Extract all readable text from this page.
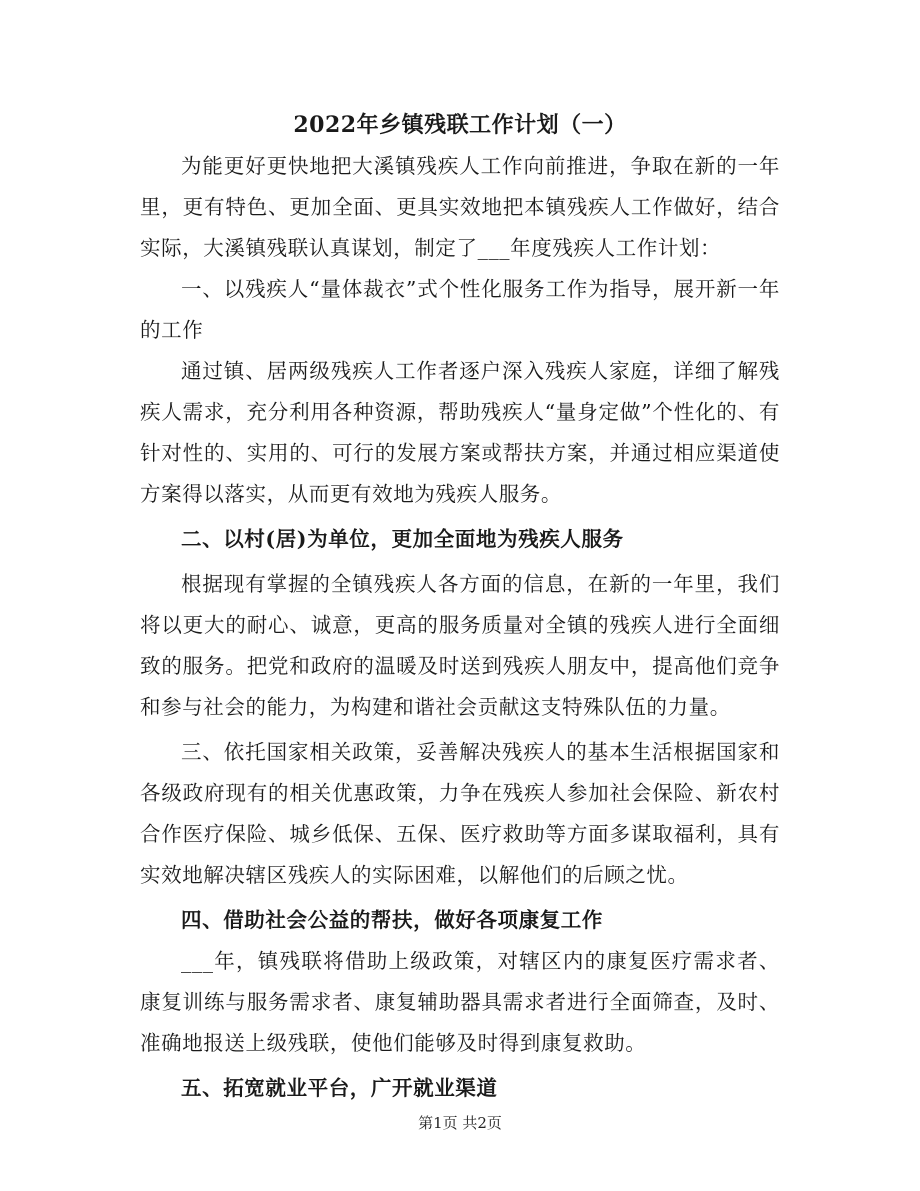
2022年乡镇残联工作计划（一）

为能更好更快地把大溪镇残疾人工作向前推进，争取在新的一年里，更有特色、更加全面、更具实效地把本镇残疾人工作做好，结合实际，大溪镇残联认真谋划，制定了___年度残疾人工作计划：

一、以残疾人“量体裁衣”式个性化服务工作为指导，展开新一年的工作

通过镇、居两级残疾人工作者逐户深入残疾人家庭，详细了解残疾人需求，充分利用各种资源，帮助残疾人“量身定做”个性化的、有针对性的、实用的、可行的发展方案或帮扶方案，并通过相应渠道使方案得以落实，从而更有效地为残疾人服务。

二、以村(居)为单位，更加全面地为残疾人服务

根据现有掌握的全镇残疾人各方面的信息，在新的一年里，我们将以更大的耐心、诚意，更高的服务质量对全镇的残疾人进行全面细致的服务。把党和政府的温暖及时送到残疾人朋友中，提高他们竞争和参与社会的能力，为构建和谐社会贡献这支特殊队伍的力量。

三、依托国家相关政策，妥善解决残疾人的基本生活根据国家和各级政府现有的相关优惠政策，力争在残疾人参加社会保险、新农村合作医疗保险、城乡低保、五保、医疗救助等方面多谋取福利，具有实效地解决辖区残疾人的实际困难，以解他们的后顾之忧。

四、借助社会公益的帮扶，做好各项康复工作

___年，镇残联将借助上级政策，对辖区内的康复医疗需求者、康复训练与服务需求者、康复辅助器具需求者进行全面筛查，及时、准确地报送上级残联，使他们能够及时得到康复救助。

五、拓宽就业平台，广开就业渠道

第1页 共2页
